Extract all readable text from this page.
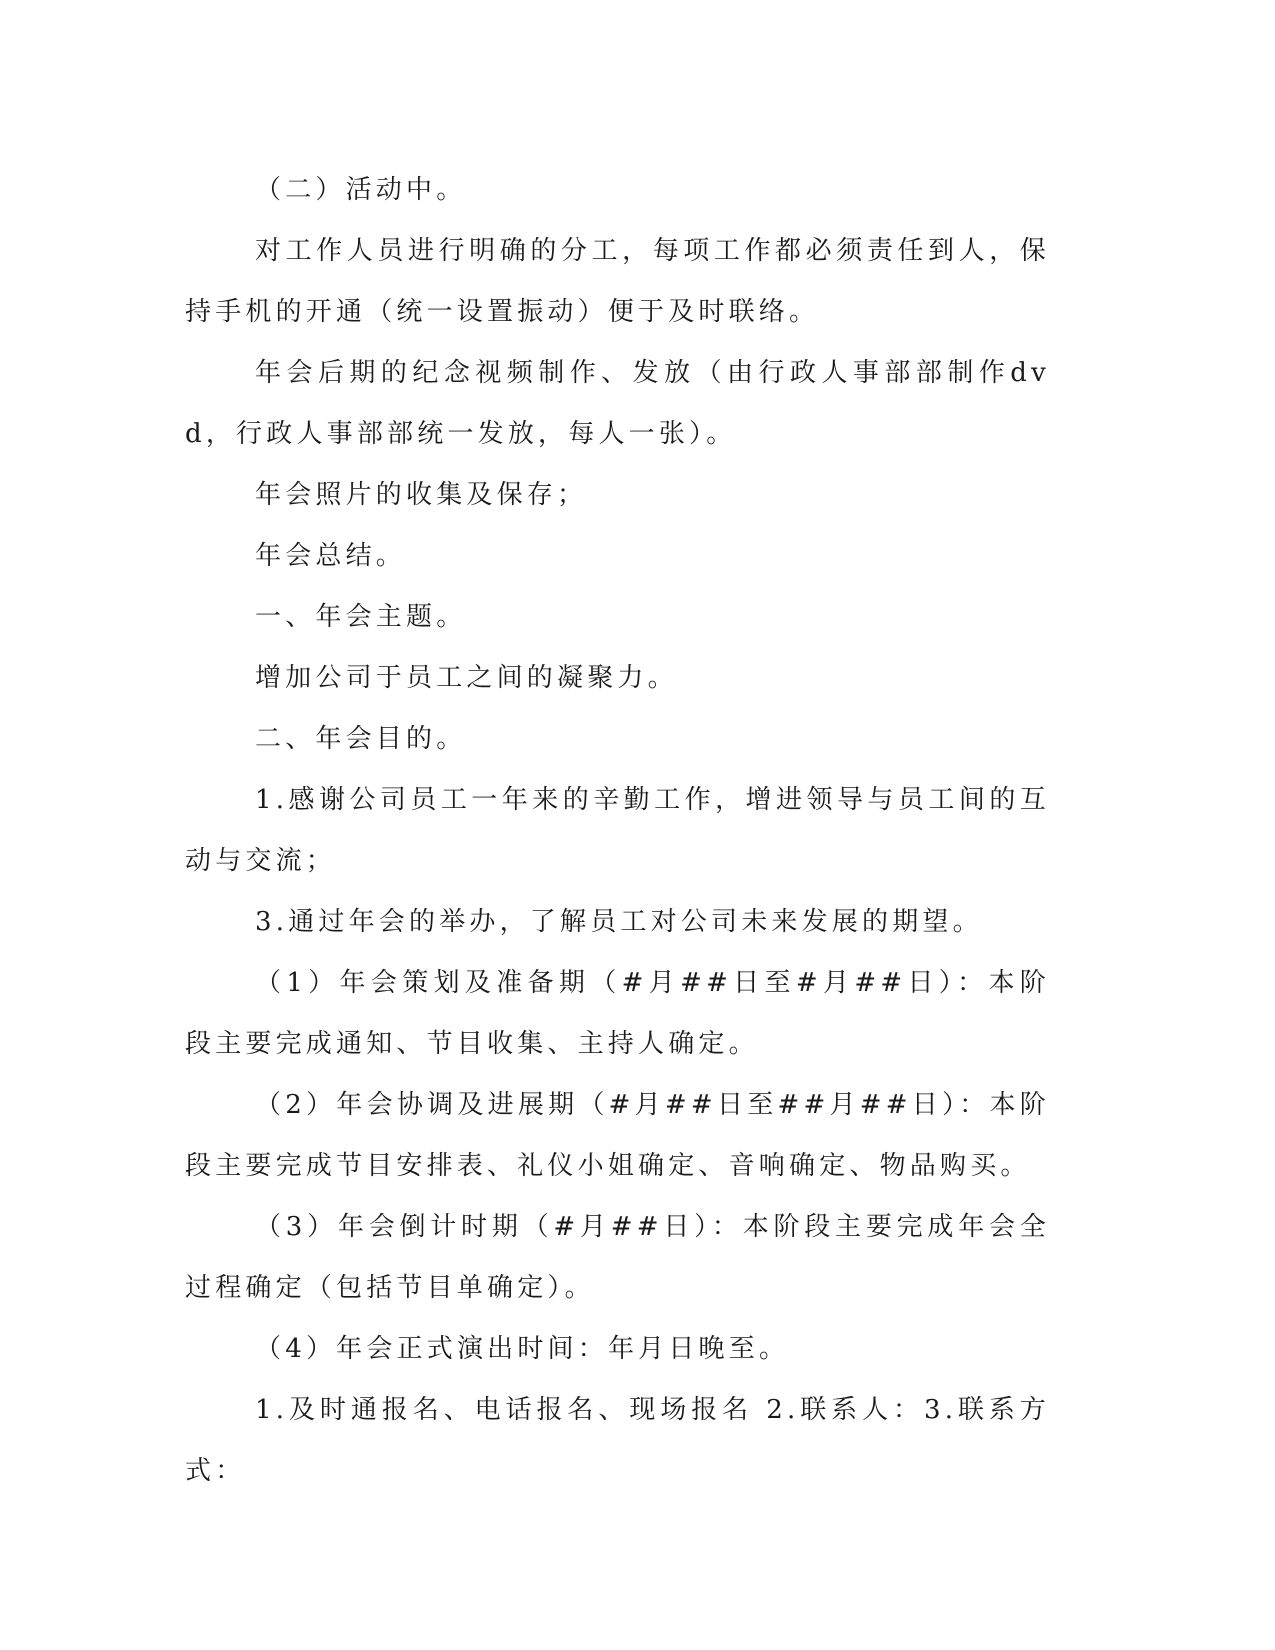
（二）活动中。

对工作人员进行明确的分工，每项工作都必须责任到人，保持手机的开通（统一设置振动）便于及时联络。

年会后期的纪念视频制作、发放（由行政人事部部制作dvd，行政人事部部统一发放，每人一张）。

年会照片的收集及保存；

年会总结。

一、年会主题。

增加公司于员工之间的凝聚力。

二、年会目的。

1.感谢公司员工一年来的辛勤工作，增进领导与员工间的互动与交流；

3.通过年会的举办，了解员工对公司未来发展的期望。

（1）年会策划及准备期（#月##日至#月##日）：本阶段主要完成通知、节目收集、主持人确定。

（2）年会协调及进展期（#月##日至##月##日）：本阶段主要完成节目安排表、礼仪小姐确定、音响确定、物品购买。

（3）年会倒计时期（#月##日）：本阶段主要完成年会全过程确定（包括节目单确定）。

（4）年会正式演出时间：年月日晚至。

1.及时通报名、电话报名、现场报名 2.联系人：3.联系方式：
